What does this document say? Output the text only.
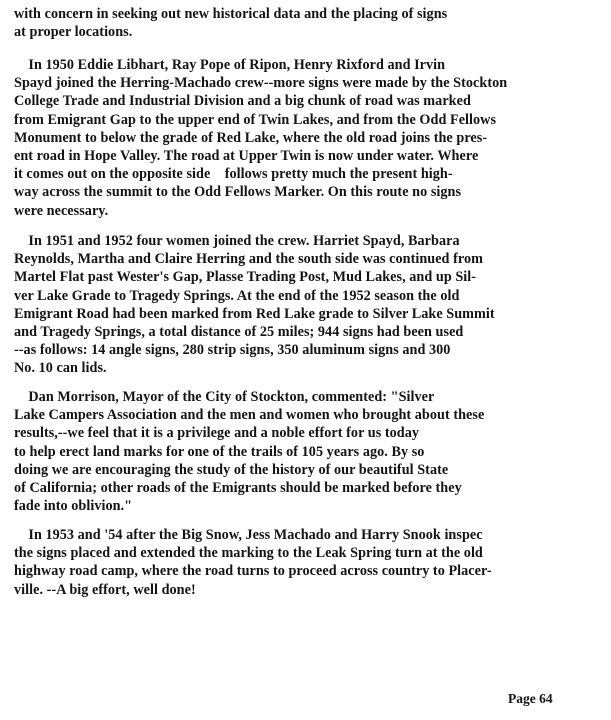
with concern in seeking out new historical data and the placing of signs
at proper locations.

In 1950 Eddie Libhart, Ray Pope of Ripon, Henry Rixford and Irvin
Spayd joined the Herring-Machado crew--more signs were made by the Stockton
College Trade and Industrial Division and a big chunk of road was marked
from Emigrant Gap to the upper end of Twin Lakes, and from the Odd Fellows
Monument to below the grade of Red Lake, where the old road joins the pres-
ent road in Hope Valley. The road at Upper Twin is now under water. Where
it comes out on the opposite side    follows pretty much the present high-
way across the summit to the Odd Fellows Marker. On this route no signs
were necessary.

In 1951 and 1952 four women joined the crew. Harriet Spayd, Barbara
Reynolds, Martha and Claire Herring and the south side was continued from
Martel Flat past Wester's Gap, Plasse Trading Post, Mud Lakes, and up Sil-
ver Lake Grade to Tragedy Springs. At the end of the 1952 season the old
Emigrant Road had been marked from Red Lake grade to Silver Lake Summit
and Tragedy Springs, a total distance of 25 miles; 944 signs had been used
--as follows: 14 angle signs, 280 strip signs, 350 aluminum signs and 300
No. 10 can lids.

Dan Morrison, Mayor of the City of Stockton, commented: "Silver
Lake Campers Association and the men and women who brought about these
results,--we feel that it is a privilege and a noble effort for us today
to help erect land marks for one of the trails of 105 years ago. By so
doing we are encouraging the study of the history of our beautiful State
of California; other roads of the Emigrants should be marked before they
fade into oblivion."

In 1953 and '54 after the Big Snow, Jess Machado and Harry Snook inspec
the signs placed and extended the marking to the Leak Spring turn at the old
highway road camp, where the road turns to proceed across country to Placer-
ville. --A big effort, well done!

Page 64
